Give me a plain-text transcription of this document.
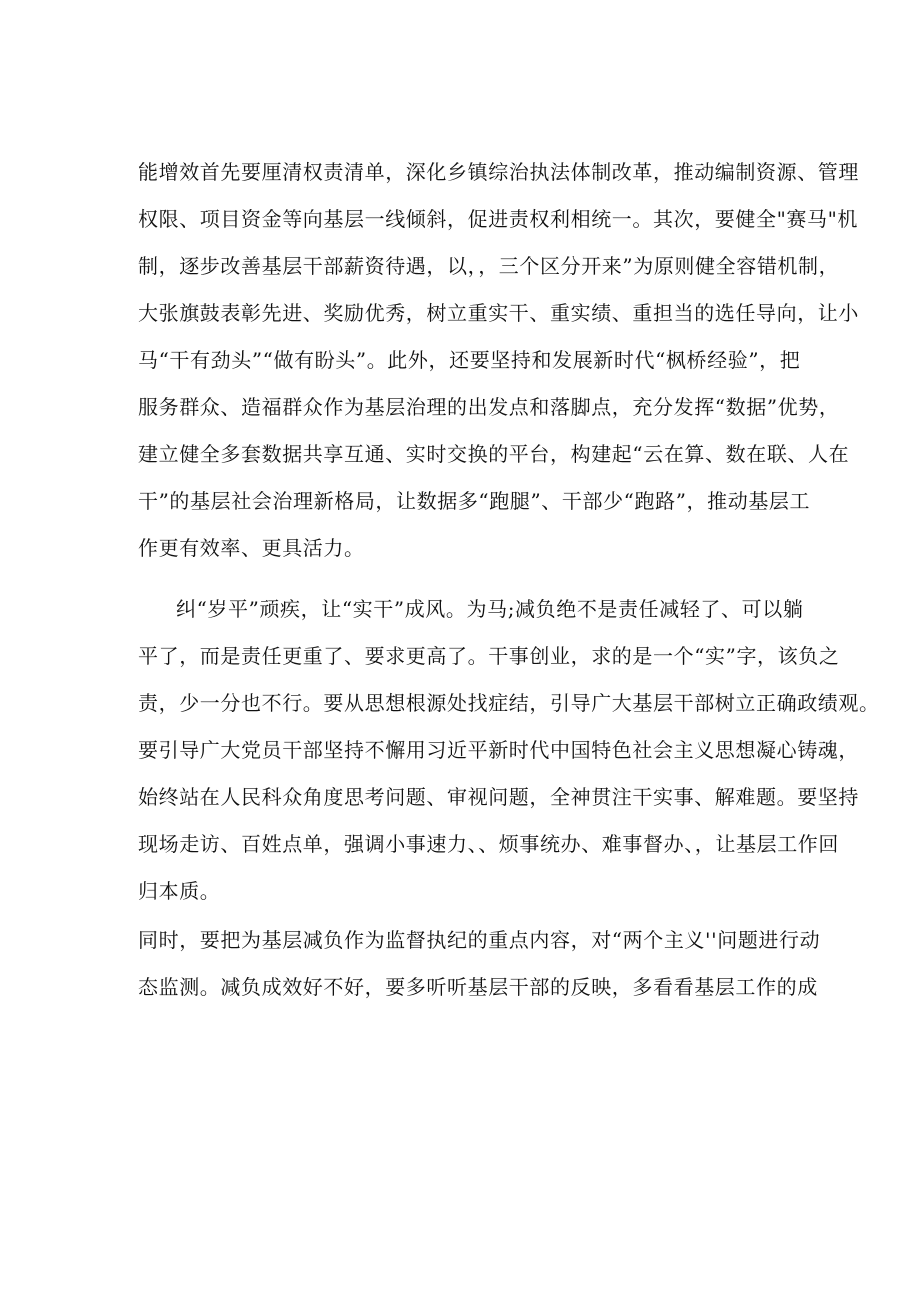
能增效首先要厘清权责清单，深化乡镇综治执法体制改革，推动编制资源、管理
权限、项目资金等向基层一线倾斜，促进责权利相统一。其次，要健全"赛马"机
制，逐步改善基层干部薪资待遇，以，，三个区分开来”为原则健全容错机制，
大张旗鼓表彰先进、奖励优秀，树立重实干、重实绩、重担当的选任导向，让小
马“干有劲头”“做有盼头”。此外，还要坚持和发展新时代“枫桥经验”，把
服务群众、造福群众作为基层治理的出发点和落脚点，充分发挥“数据”优势，
建立健全多套数据共享互通、实时交换的平台，构建起“云在算、数在联、人在
干”的基层社会治理新格局，让数据多“跑腿”、干部少“跑路”，推动基层工
作更有效率、更具活力。
纠“岁平”顽疾，让“实干”成风。为马;减负绝不是责任减轻了、可以躺
平了，而是责任更重了、要求更高了。干事创业，求的是一个“实”字，该负之
责，少一分也不行。要从思想根源处找症结，引导广大基层干部树立正确政绩观。
要引导广大党员干部坚持不懈用习近平新时代中国特色社会主义思想凝心铸魂，
始终站在人民科众角度思考问题、审视问题，全神贯注干实事、解难题。要坚持
现场走访、百姓点单，强调小事速力、、烦事统办、难事督办、，让基层工作回
归本质。
同时，要把为基层减负作为监督执纪的重点内容，对“两个主义''问题进行动
态监测。减负成效好不好，要多听听基层干部的反映，多看看基层工作的成
